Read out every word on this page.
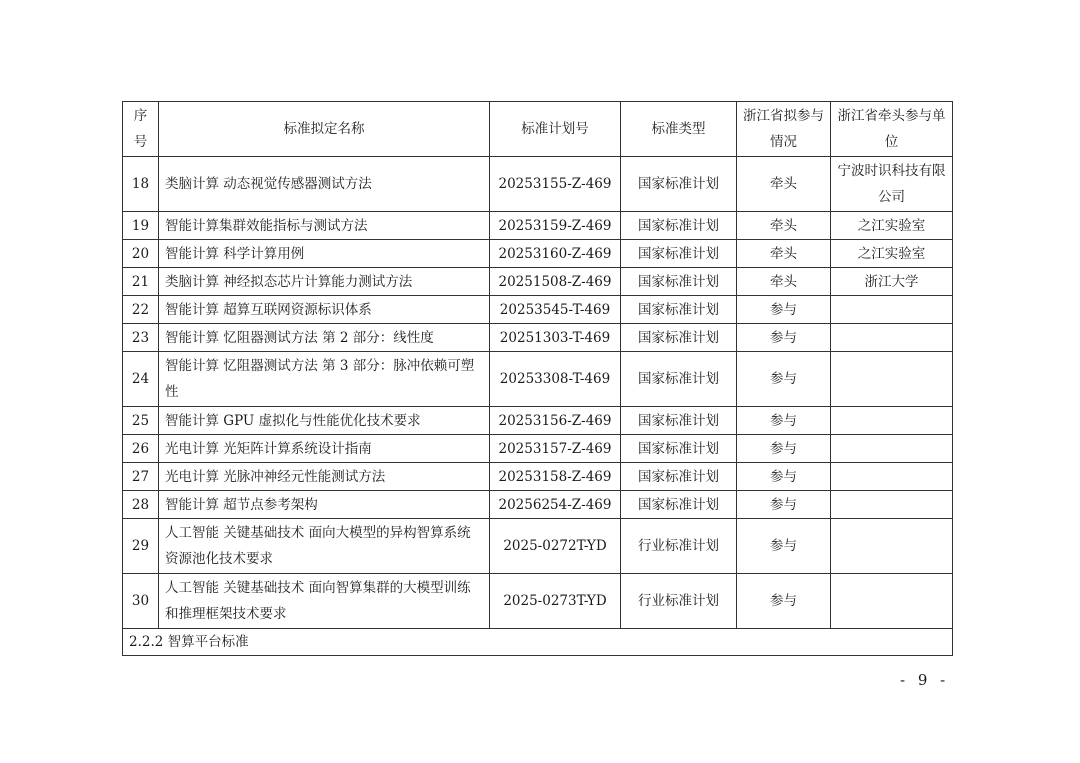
序号	标准拟定名称	标准计划号	标准类型	浙江省拟参与情况	浙江省牵头参与单位
18	类脑计算 动态视觉传感器测试方法	20253155-Z-469	国家标准计划	牵头	宁波时识科技有限公司
19	智能计算集群效能指标与测试方法	20253159-Z-469	国家标准计划	牵头	之江实验室
20	智能计算 科学计算用例	20253160-Z-469	国家标准计划	牵头	之江实验室
21	类脑计算 神经拟态芯片计算能力测试方法	20251508-Z-469	国家标准计划	牵头	浙江大学
22	智能计算 超算互联网资源标识体系	20253545-T-469	国家标准计划	参与	
23	智能计算 忆阻器测试方法 第 2 部分：线性度	20251303-T-469	国家标准计划	参与	
24	智能计算 忆阻器测试方法 第 3 部分：脉冲依赖可塑性	20253308-T-469	国家标准计划	参与	
25	智能计算 GPU 虚拟化与性能优化技术要求	20253156-Z-469	国家标准计划	参与	
26	光电计算 光矩阵计算系统设计指南	20253157-Z-469	国家标准计划	参与	
27	光电计算 光脉冲神经元性能测试方法	20253158-Z-469	国家标准计划	参与	
28	智能计算 超节点参考架构	20256254-Z-469	国家标准计划	参与	
29	人工智能 关键基础技术 面向大模型的异构智算系统资源池化技术要求	2025-0272T-YD	行业标准计划	参与	
30	人工智能 关键基础技术 面向智算集群的大模型训练和推理框架技术要求	2025-0273T-YD	行业标准计划	参与	
2.2.2 智算平台标准					
- 9 -
